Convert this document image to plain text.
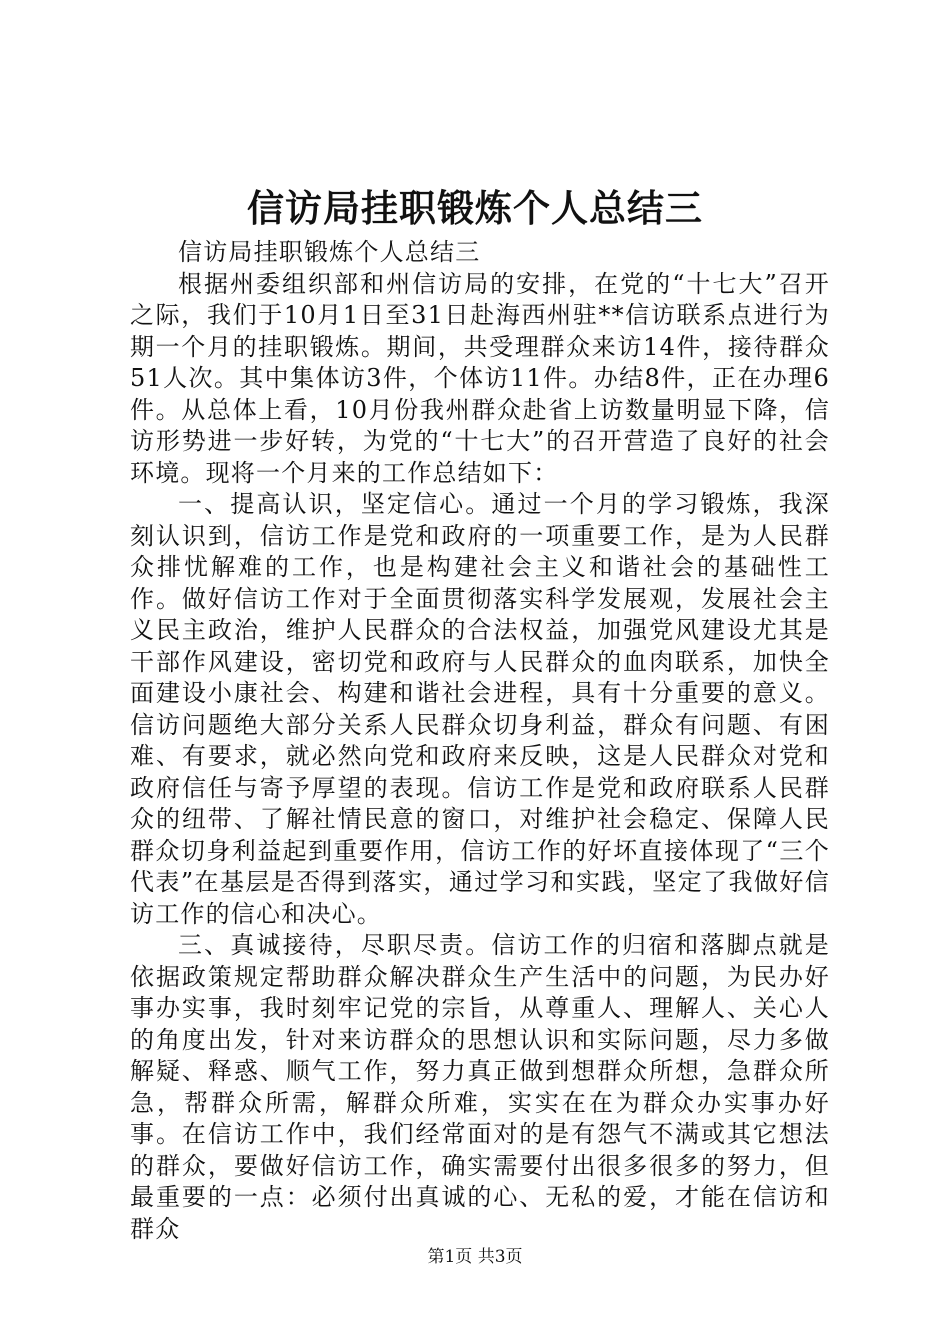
信访局挂职锻炼个人总结三

信访局挂职锻炼个人总结三

根据州委组织部和州信访局的安排，在党的“十七大”召开之际，我们于10月1日至31日赴海西州驻**信访联系点进行为期一个月的挂职锻炼。期间，共受理群众来访14件，接待群众51人次。其中集体访3件，个体访11件。办结8件，正在办理6件。从总体上看，10月份我州群众赴省上访数量明显下降，信访形势进一步好转，为党的“十七大”的召开营造了良好的社会环境。现将一个月来的工作总结如下：

一、提高认识，坚定信心。通过一个月的学习锻炼，我深刻认识到，信访工作是党和政府的一项重要工作，是为人民群众排忧解难的工作，也是构建社会主义和谐社会的基础性工作。做好信访工作对于全面贯彻落实科学发展观，发展社会主义民主政治，维护人民群众的合法权益，加强党风建设尤其是干部作风建设，密切党和政府与人民群众的血肉联系，加快全面建设小康社会、构建和谐社会进程，具有十分重要的意义。信访问题绝大部分关系人民群众切身利益，群众有问题、有困难、有要求，就必然向党和政府来反映，这是人民群众对党和政府信任与寄予厚望的表现。信访工作是党和政府联系人民群众的纽带、了解社情民意的窗口，对维护社会稳定、保障人民群众切身利益起到重要作用，信访工作的好坏直接体现了“三个代表”在基层是否得到落实，通过学习和实践，坚定了我做好信访工作的信心和决心。

三、真诚接待，尽职尽责。信访工作的归宿和落脚点就是依据政策规定帮助群众解决群众生产生活中的问题，为民办好事办实事，我时刻牢记党的宗旨，从尊重人、理解人、关心人的角度出发，针对来访群众的思想认识和实际问题，尽力多做解疑、释惑、顺气工作，努力真正做到想群众所想，急群众所急，帮群众所需，解群众所难，实实在在为群众办实事办好事。在信访工作中，我们经常面对的是有怨气不满或其它想法的群众，要做好信访工作，确实需要付出很多很多的努力，但最重要的一点：必须付出真诚的心、无私的爱，才能在信访和群众

第1页 共3页
